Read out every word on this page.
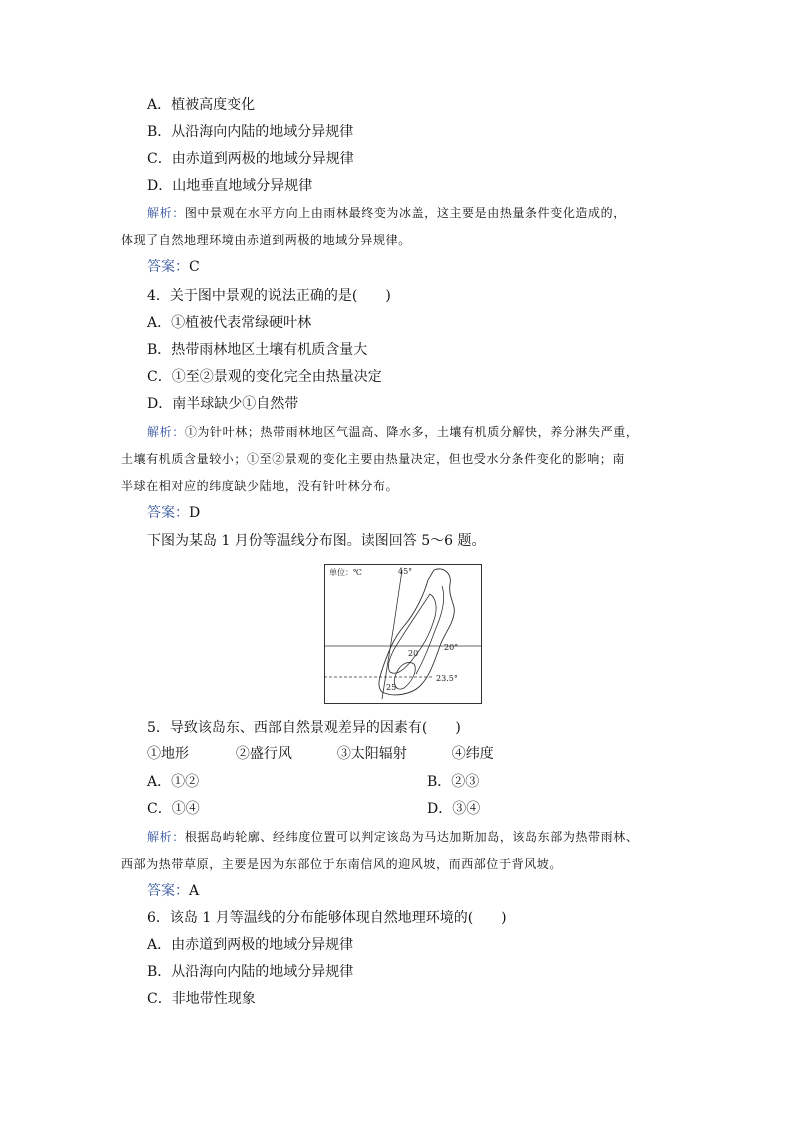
A．植被高度变化
B．从沿海向内陆的地域分异规律
C．由赤道到两极的地域分异规律
D．山地垂直地域分异规律
解析：图中景观在水平方向上由雨林最终变为冰盖，这主要是由热量条件变化造成的，
体现了自然地理环境由赤道到两极的地域分异规律。
答案：C
4．关于图中景观的说法正确的是(　　)
A．①植被代表常绿硬叶林
B．热带雨林地区土壤有机质含量大
C．①至②景观的变化完全由热量决定
D．南半球缺少①自然带
解析：①为针叶林；热带雨林地区气温高、降水多，土壤有机质分解快，养分淋失严重，
土壤有机质含量较小；①至②景观的变化主要由热量决定，但也受水分条件变化的影响；南
半球在相对应的纬度缺少陆地，没有针叶林分布。
答案：D
下图为某岛 1 月份等温线分布图。读图回答 5～6 题。
单位：℃	45°
20°
23.5°
20
25
5．导致该岛东、西部自然景观差异的因素有(　　)
①地形	②盛行风	③太阳辐射	④纬度
A．①②	B．②③
C．①④	D．③④
解析：根据岛屿轮廓、经纬度位置可以判定该岛为马达加斯加岛，该岛东部为热带雨林、
西部为热带草原，主要是因为东部位于东南信风的迎风坡，而西部位于背风坡。
答案：A
6．该岛 1 月等温线的分布能够体现自然地理环境的(　　)
A．由赤道到两极的地域分异规律
B．从沿海向内陆的地域分异规律
C．非地带性现象
